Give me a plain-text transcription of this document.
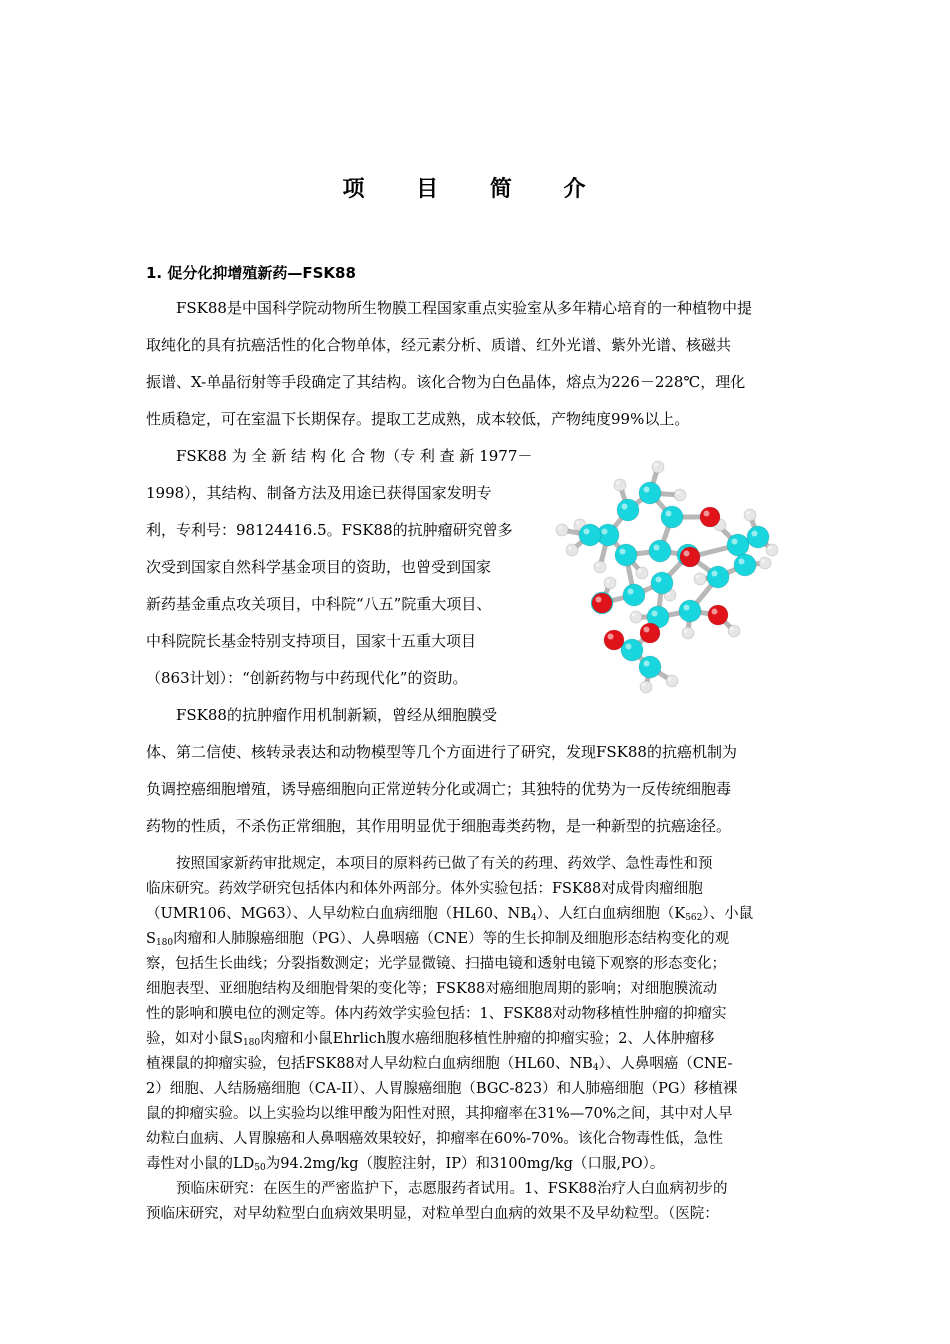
项 目 简 介
1. 促分化抑增殖新药—FSK88
FSK88是中国科学院动物所生物膜工程国家重点实验室从多年精心培育的一种植物中提
取纯化的具有抗癌活性的化合物单体，经元素分析、质谱、红外光谱、紫外光谱、核磁共
振谱、X-单晶衍射等手段确定了其结构。该化合物为白色晶体，熔点为226－228℃，理化
性质稳定，可在室温下长期保存。提取工艺成熟，成本较低，产物纯度99%以上。
FSK88 为 全 新 结 构 化 合 物（专 利 查 新 1977－
1998），其结构、制备方法及用途已获得国家发明专
利，专利号：98124416.5。FSK88的抗肿瘤研究曾多
次受到国家自然科学基金项目的资助，也曾受到国家
新药基金重点攻关项目，中科院“八五”院重大项目、
中科院院长基金特别支持项目，国家十五重大项目
（863计划）：“创新药物与中药现代化”的资助。
FSK88的抗肿瘤作用机制新颖，曾经从细胞膜受
体、第二信使、核转录表达和动物模型等几个方面进行了研究，发现FSK88的抗癌机制为
负调控癌细胞增殖，诱导癌细胞向正常逆转分化或凋亡；其独特的优势为一反传统细胞毒
药物的性质，不杀伤正常细胞，其作用明显优于细胞毒类药物，是一种新型的抗癌途径。
按照国家新药审批规定，本项目的原料药已做了有关的药理、药效学、急性毒性和预
临床研究。药效学研究包括体内和体外两部分。体外实验包括：FSK88对成骨肉瘤细胞
（UMR106、MG63）、人早幼粒白血病细胞（HL60、$NB_4$）、人红白血病细胞$(K_{562})$、小鼠
$S_{180}$肉瘤和人肺腺癌细胞（PG）、人鼻咽癌（CNE）等的生长抑制及细胞形态结构变化的观
察，包括生长曲线；分裂指数测定；光学显微镜、扫描电镜和透射电镜下观察的形态变化；
细胞表型、亚细胞结构及细胞骨架的变化等；FSK88对癌细胞周期的影响；对细胞膜流动
性的影响和膜电位的测定等。体内药效学实验包括：1、FSK88对动物移植性肿瘤的抑瘤实
验，如对小鼠$S_{180}$肉瘤和小鼠Ehrlich腹水癌细胞移植性肿瘤的抑瘤实验；2、人体肿瘤移
植裸鼠的抑瘤实验，包括FSK88对人早幼粒白血病细胞（HL60、$NB_4$）、人鼻咽癌（CNE-
2）细胞、人结肠癌细胞（CA-II）、人胃腺癌细胞（BGC-823）和人肺癌细胞（PG）移植裸
鼠的抑瘤实验。以上实验均以维甲酸为阳性对照，其抑瘤率在31%—70%之间，其中对人早
幼粒白血病、人胃腺癌和人鼻咽癌效果较好，抑瘤率在60%-70%。该化合物毒性低，急性
毒性对小鼠的$LD_{50}$为94.2mg/kg（腹腔注射，IP）和3100mg/kg（口服,PO）。
预临床研究：在医生的严密监护下，志愿服药者试用。1、FSK88治疗人白血病初步的
预临床研究，对早幼粒型白血病效果明显，对粒单型白血病的效果不及早幼粒型。（医院：
